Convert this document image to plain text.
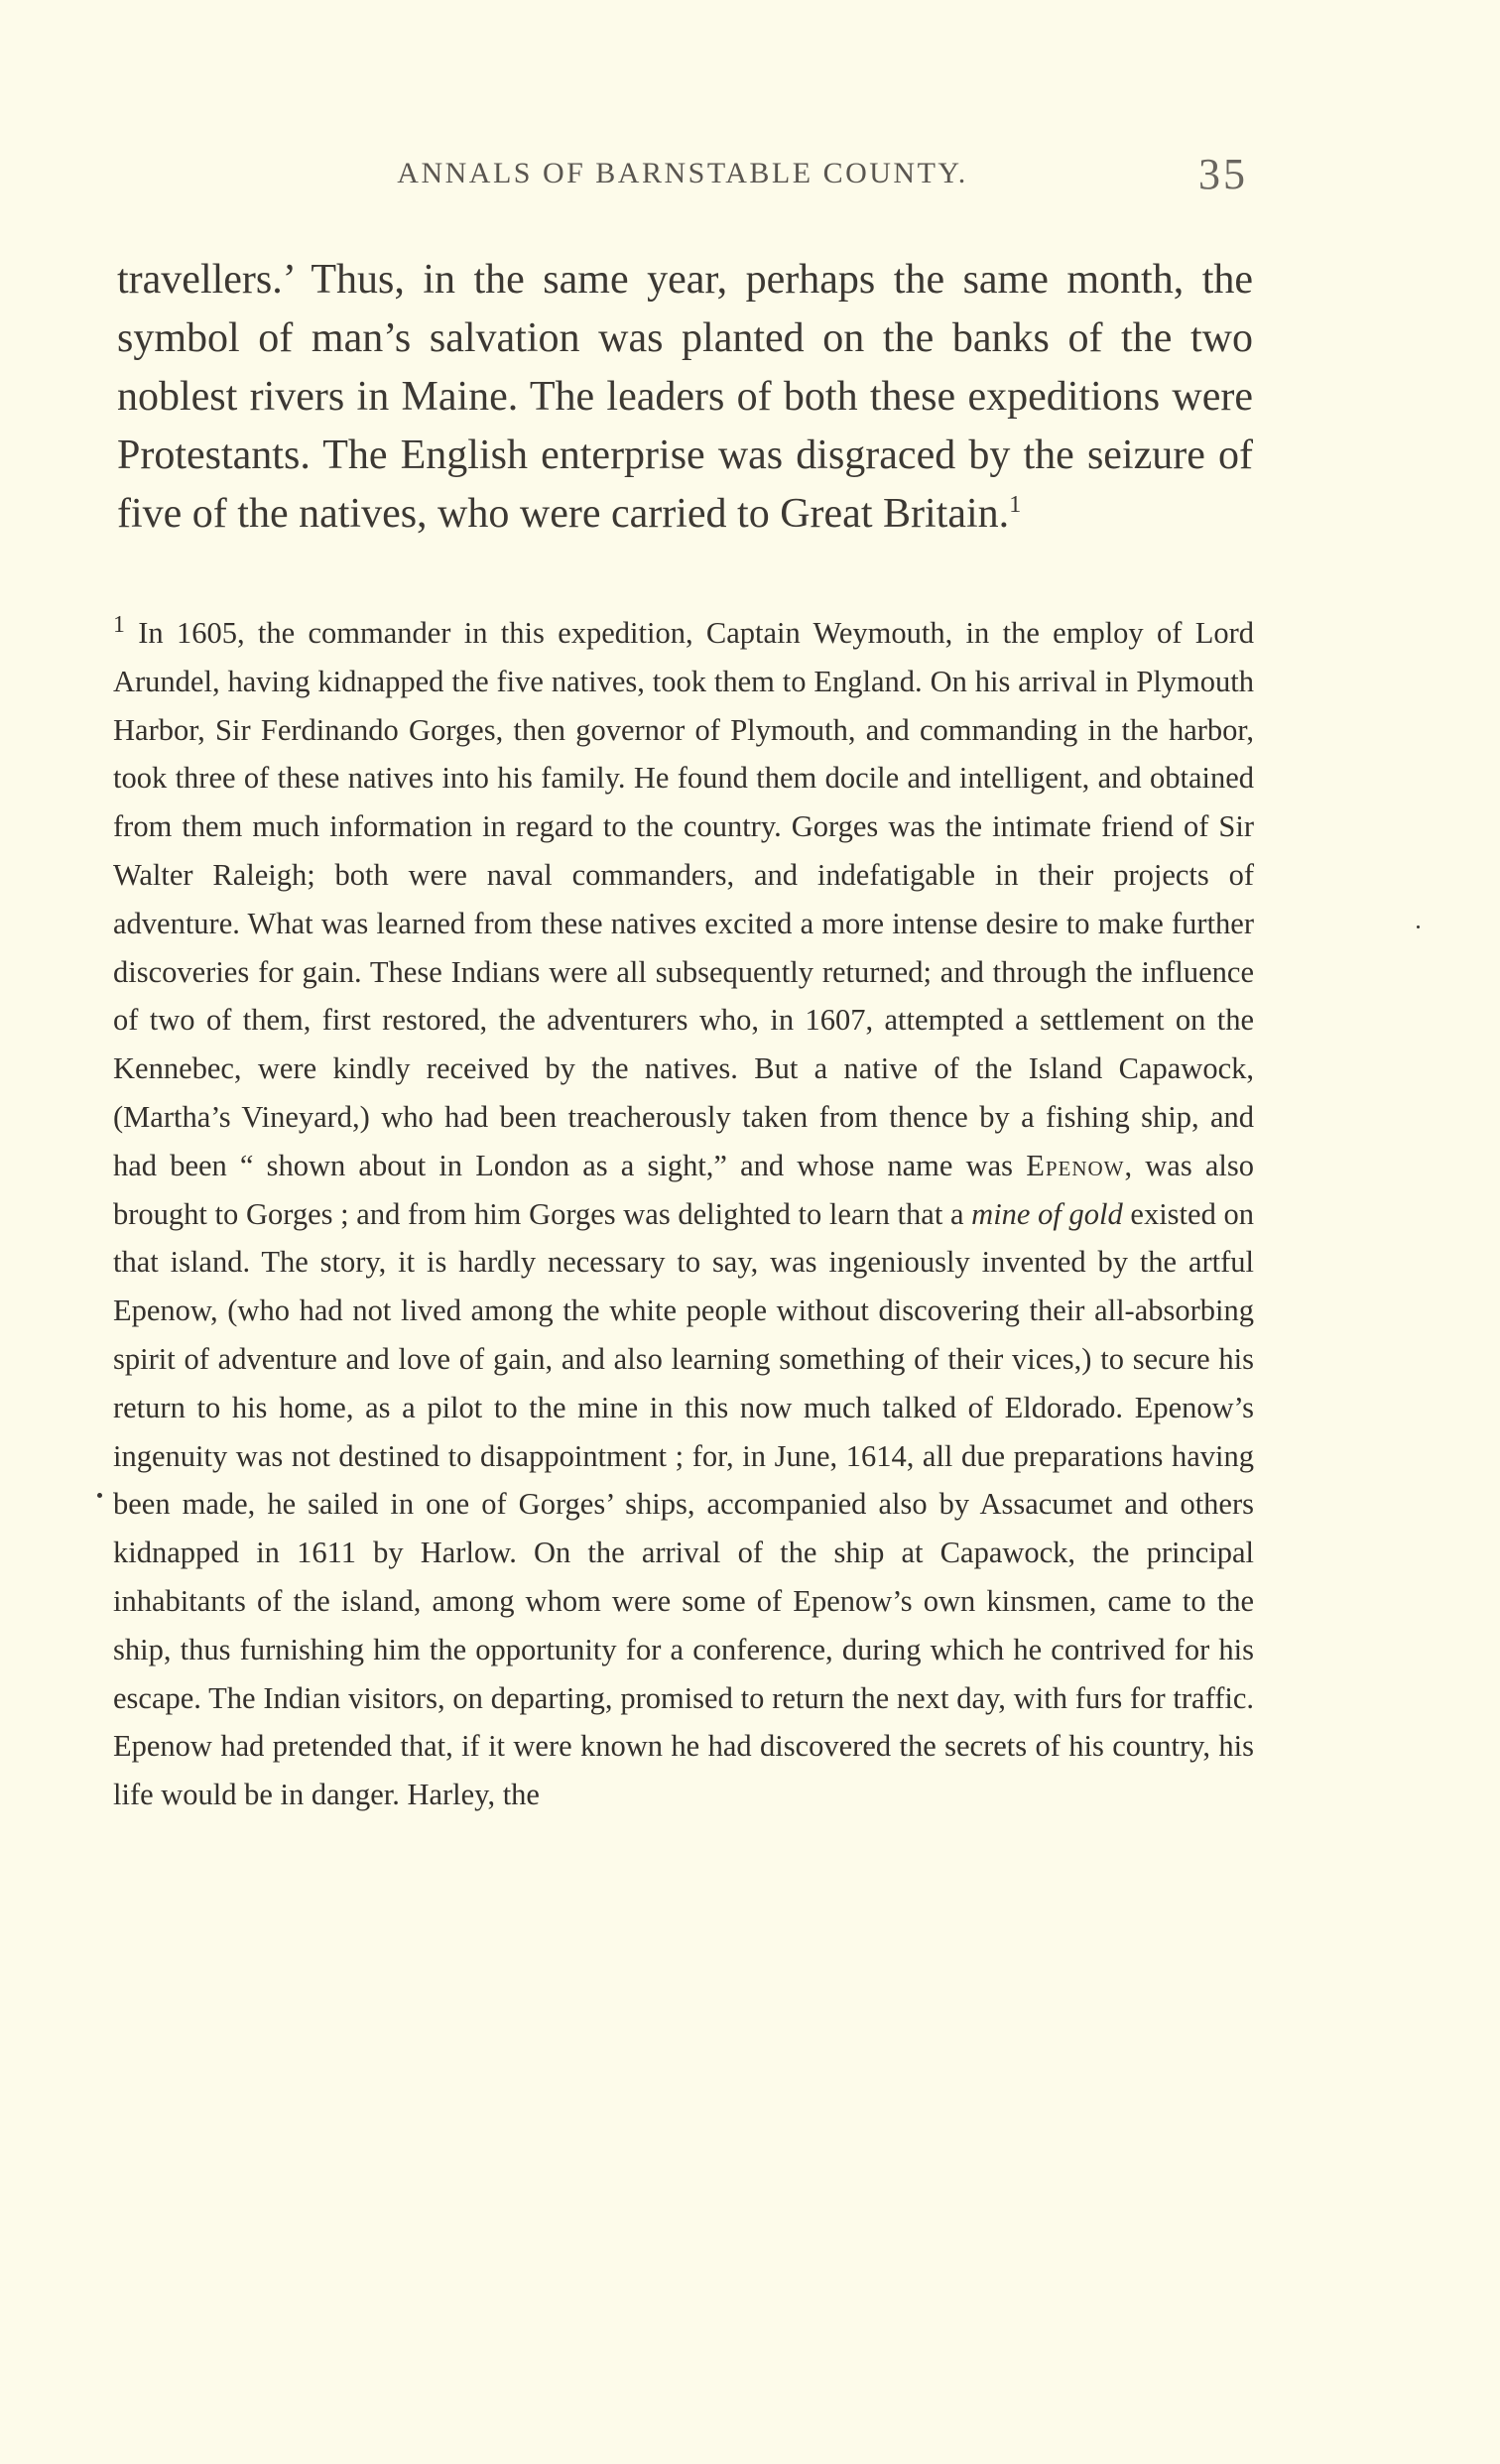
ANNALS OF BARNSTABLE COUNTY.	35

travellers.’ Thus, in the same year, perhaps the same month, the symbol of man’s salvation was planted on the banks of the two noblest rivers in Maine. The leaders of both these expeditions were Protestants. The English enterprise was disgraced by the seizure of five of the natives, who were carried to Great Britain.$^1$

$^1$ In 1605, the commander in this expedition, Captain Weymouth, in the employ of Lord Arundel, having kidnapped the five natives, took them to England. On his arrival in Plymouth Harbor, Sir Ferdinando Gorges, then governor of Plymouth, and commanding in the harbor, took three of these natives into his family. He found them docile and intelligent, and obtained from them much information in regard to the country. Gorges was the intimate friend of Sir Walter Raleigh; both were naval commanders, and indefatigable in their projects of adventure. What was learned from these natives excited a more intense desire to make further discoveries for gain. These Indians were all subsequently returned; and through the influence of two of them, first restored, the adventurers who, in 1607, attempted a settlement on the Kennebec, were kindly received by the natives. But a native of the Island Capawock, (Martha’s Vineyard,) who had been treacherously taken from thence by a fishing ship, and had been “ shown about in London as a sight,” and whose name was Epenow, was also brought to Gorges ; and from him Gorges was delighted to learn that a mine of gold existed on that island. The story, it is hardly necessary to say, was ingeniously invented by the artful Epenow, (who had not lived among the white people without discovering their all-absorbing spirit of adventure and love of gain, and also learning something of their vices,) to secure his return to his home, as a pilot to the mine in this now much talked of Eldorado. Epenow’s ingenuity was not destined to disappointment ; for, in June, 1614, all due preparations having been made, he sailed in one of Gorges’ ships, accompanied also by Assacumet and others kidnapped in 1611 by Harlow. On the arrival of the ship at Capawock, the principal inhabitants of the island, among whom were some of Epenow’s own kinsmen, came to the ship, thus furnishing him the opportunity for a conference, during which he contrived for his escape. The Indian visitors, on departing, promised to return the next day, with furs for traffic. Epenow had pretended that, if it were known he had discovered the secrets of his country, his life would be in danger. Harley, the
